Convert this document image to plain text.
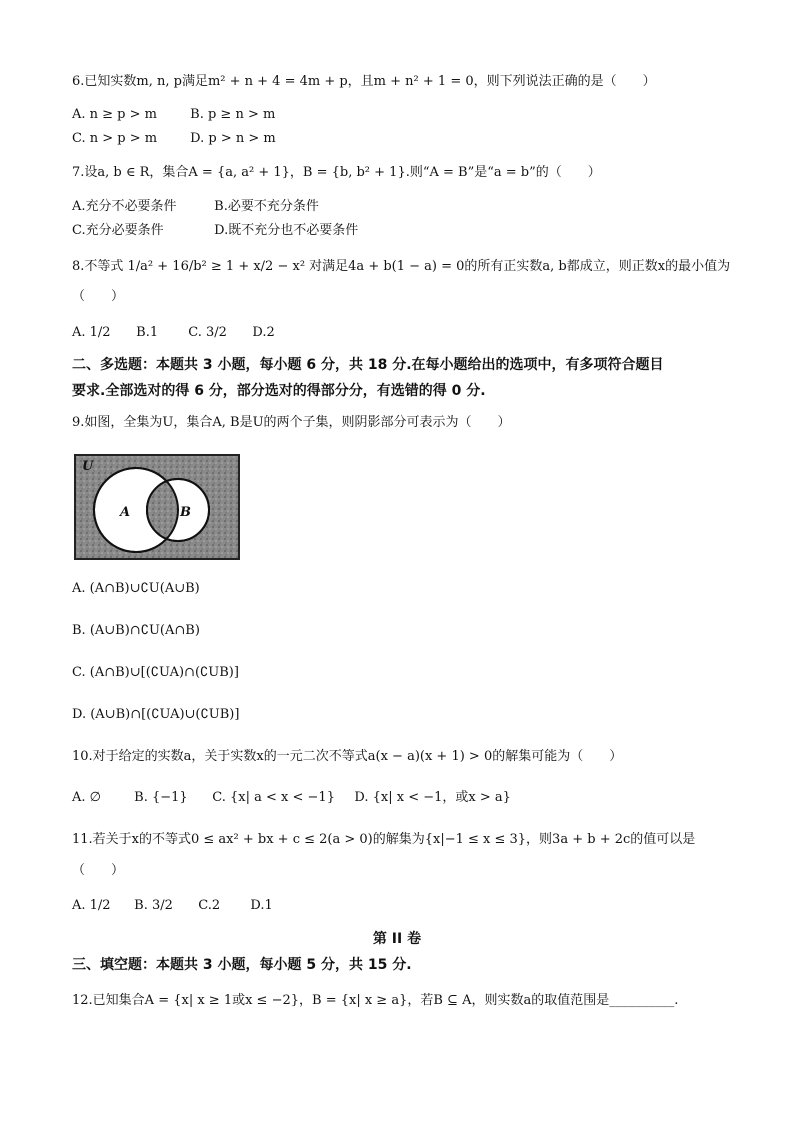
6.已知实数m, n, p满足m² + n + 4 = 4m + p，且m + n² + 1 = 0，则下列说法正确的是（　　）
A. n ≥ p > m	B. p ≥ n > m
C. n > p > m	D. p > n > m
7.设a, b ∈ R，集合A = {a, a² + 1}，B = {b, b² + 1}.则“A = B”是“a = b”的（　　）
A.充分不必要条件	B.必要不充分条件
C.充分必要条件	D.既不充分也不必要条件
8.不等式 1/a² + 16/b² ≥ 1 + x/2 − x² 对满足4a + b(1 − a) = 0的所有正实数a, b都成立，则正数x的最小值为
（　　）
A. 1/2 B.1 C. 3/2 D.2
二、多选题：本题共 3 小题，每小题 6 分，共 18 分.在每小题给出的选项中，有多项符合题目
要求.全部选对的得 6 分，部分选对的得部分分，有选错的得 0 分.
9.如图，全集为U，集合A, B是U的两个子集，则阴影部分可表示为（　　）
U
A	B
A. (A∩B)∪∁U(A∪B)
B. (A∪B)∩∁U(A∩B)
C. (A∩B)∪[(∁UA)∩(∁UB)]
D. (A∪B)∩[(∁UA)∪(∁UB)]
10.对于给定的实数a，关于实数x的一元二次不等式a(x − a)(x + 1) > 0的解集可能为（　　）
A. ∅	B. {−1} C. {x| a < x < −1} D. {x| x < −1，或x > a}
11.若关于x的不等式0 ≤ ax² + bx + c ≤ 2(a > 0)的解集为{x|−1 ≤ x ≤ 3}，则3a + b + 2c的值可以是
（　　）
A. 1/2 B. 3/2 C.2 D.1
第 II 卷
三、填空题：本题共 3 小题，每小题 5 分，共 15 分.
12.已知集合A = {x| x ≥ 1或x ≤ −2}，B = {x| x ≥ a}，若B ⊆ A，则实数a的取值范围是__________.
